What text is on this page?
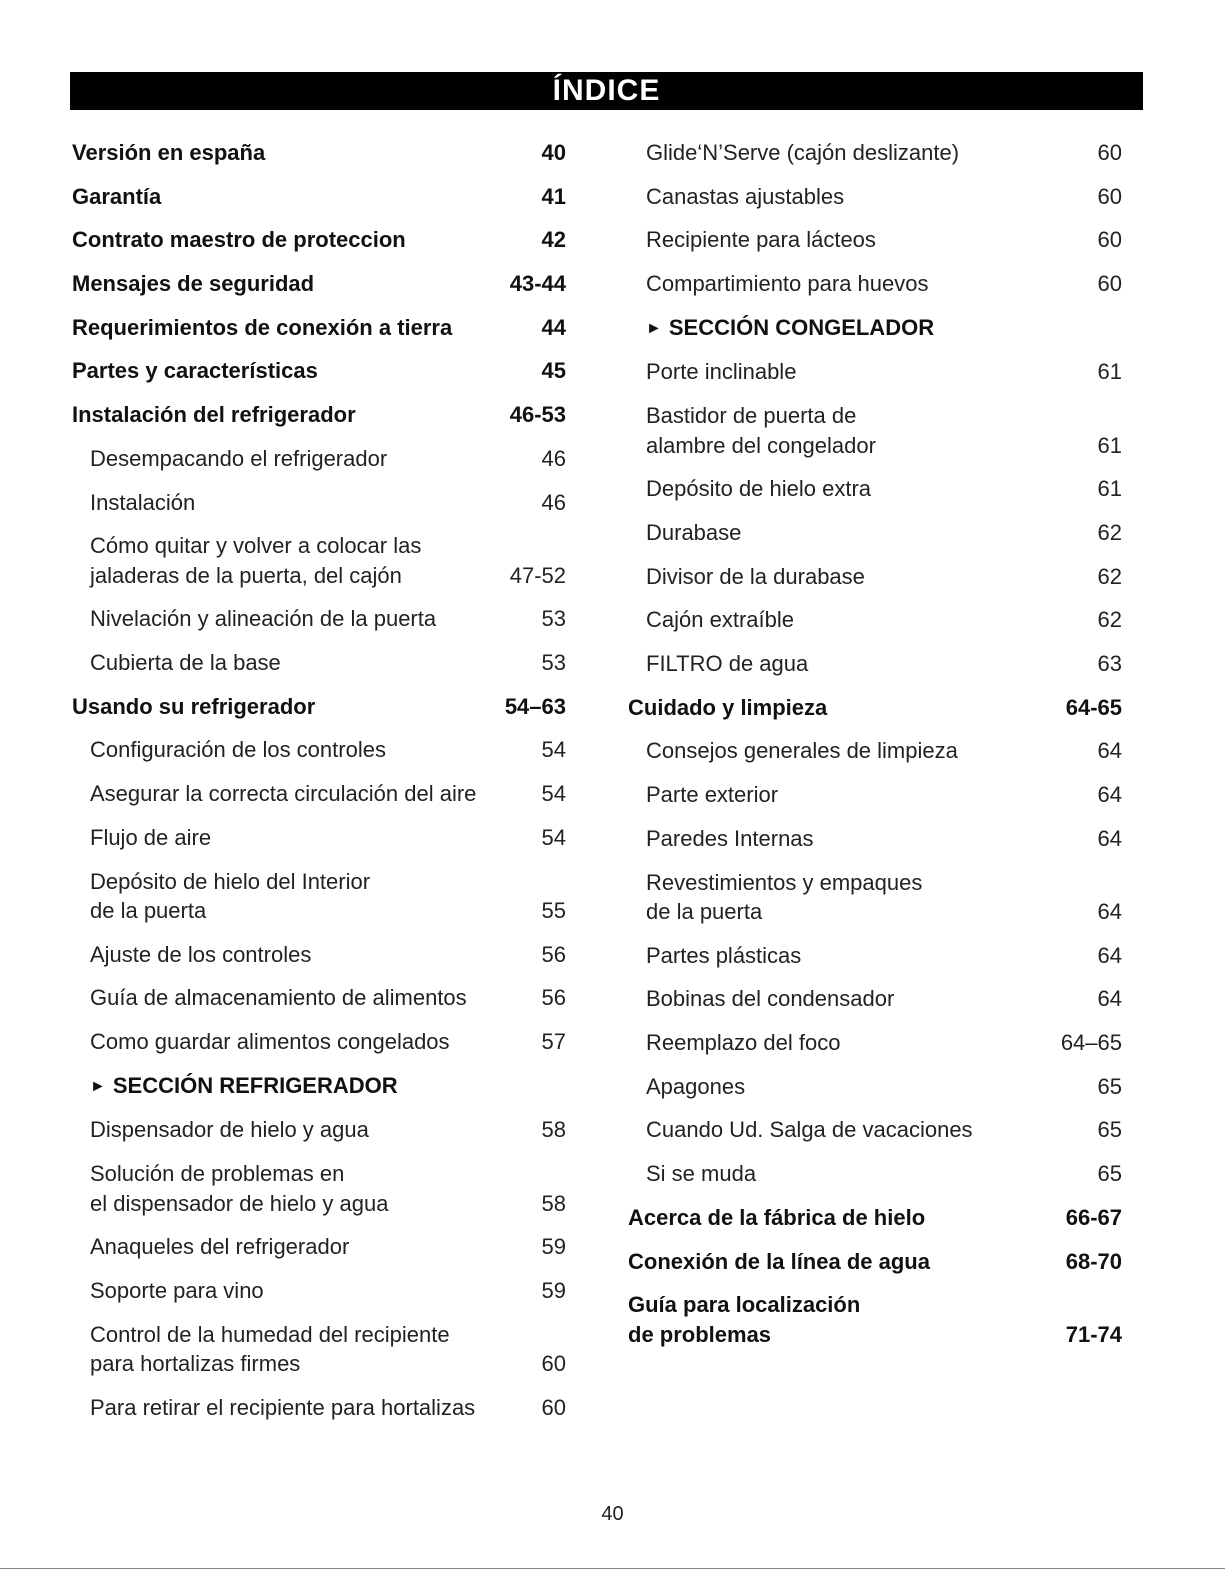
ÍNDICE
Versión en españa	40
Garantía	41
Contrato maestro de proteccion	42
Mensajes de seguridad	43-44
Requerimientos de conexión a tierra	44
Partes y características	45
Instalación del refrigerador	46-53
Desempacando el refrigerador	46
Instalación	46
Cómo quitar y volver a colocar las
jaladeras de la puerta, del cajón	47-52
Nivelación y alineación de la puerta	53
Cubierta de la base	53
Usando su refrigerador	54–63
Configuración de los controles	54
Asegurar la correcta circulación del aire	54
Flujo de aire	54
Depósito de hielo del Interior
de la puerta	55
Ajuste de los controles	56
Guía de almacenamiento de alimentos	56
Como guardar alimentos congelados	57
► SECCIÓN REFRIGERADOR
Dispensador de hielo y agua	58
Solución de problemas en
el dispensador de hielo y agua	58
Anaqueles del refrigerador	59
Soporte para vino	59
Control de la humedad del recipiente
para hortalizas firmes	60
Para retirar el recipiente para hortalizas	60
Glide‘N’Serve (cajón deslizante)	60
Canastas ajustables	60
Recipiente para lácteos	60
Compartimiento para huevos	60
► SECCIÓN CONGELADOR
Porte inclinable	61
Bastidor de puerta de
alambre del congelador	61
Depósito de hielo extra	61
Durabase	62
Divisor de la durabase	62
Cajón extraíble	62
FILTRO de agua	63
Cuidado y limpieza	64-65
Consejos generales de limpieza	64
Parte exterior	64
Paredes Internas	64
Revestimientos y empaques
de la puerta	64
Partes plásticas	64
Bobinas del condensador	64
Reemplazo del foco	64–65
Apagones	65
Cuando Ud. Salga de vacaciones	65
Si se muda	65
Acerca de la fábrica de hielo	66-67
Conexión de la línea de agua	68-70
Guía para localización
de problemas	71-74
40
